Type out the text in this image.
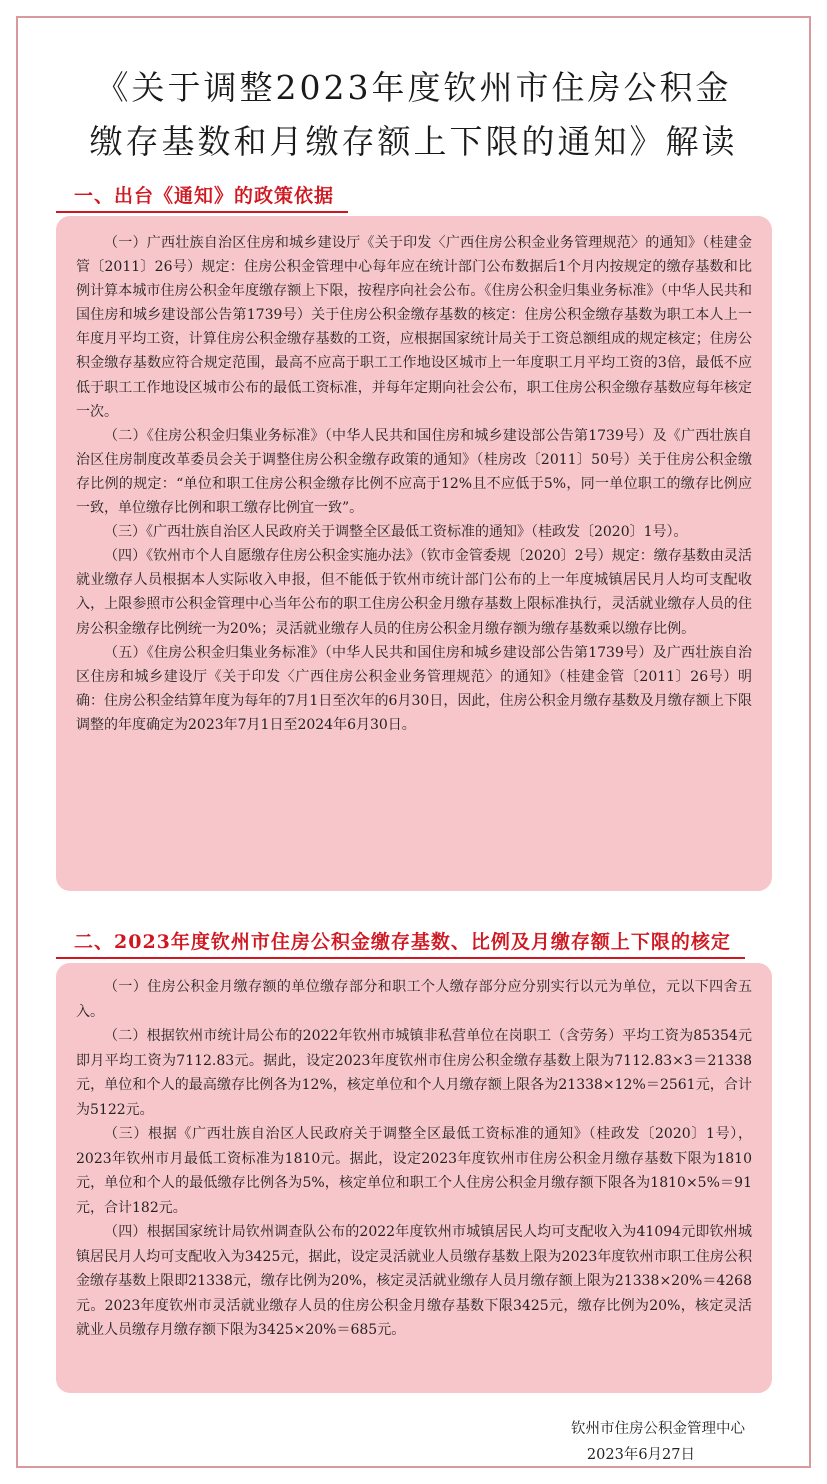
《关于调整2023年度钦州市住房公积金
缴存基数和月缴存额上下限的通知》解读
一、出台《通知》的政策依据

（一）广西壮族自治区住房和城乡建设厅《关于印发〈广西住房公积金业务管理规范〉的通知》（桂建金管〔2011〕26号）规定：住房公积金管理中心每年应在统计部门公布数据后1个月内按规定的缴存基数和比例计算本城市住房公积金年度缴存额上下限，按程序向社会公布。《住房公积金归集业务标准》（中华人民共和国住房和城乡建设部公告第1739号）关于住房公积金缴存基数的核定：住房公积金缴存基数为职工本人上一年度月平均工资，计算住房公积金缴存基数的工资，应根据国家统计局关于工资总额组成的规定核定；住房公积金缴存基数应符合规定范围，最高不应高于职工工作地设区城市上一年度职工月平均工资的3倍，最低不应低于职工工作地设区城市公布的最低工资标准，并每年定期向社会公布，职工住房公积金缴存基数应每年核定一次。

（二）《住房公积金归集业务标准》（中华人民共和国住房和城乡建设部公告第1739号）及《广西壮族自治区住房制度改革委员会关于调整住房公积金缴存政策的通知》（桂房改〔2011〕50号）关于住房公积金缴存比例的规定：“单位和职工住房公积金缴存比例不应高于12%且不应低于5%，同一单位职工的缴存比例应一致，单位缴存比例和职工缴存比例宜一致”。

（三）《广西壮族自治区人民政府关于调整全区最低工资标准的通知》（桂政发〔2020〕1号）。

（四）《钦州市个人自愿缴存住房公积金实施办法》（钦市金管委规〔2020〕2号）规定：缴存基数由灵活就业缴存人员根据本人实际收入申报，但不能低于钦州市统计部门公布的上一年度城镇居民月人均可支配收入，上限参照市公积金管理中心当年公布的职工住房公积金月缴存基数上限标准执行，灵活就业缴存人员的住房公积金缴存比例统一为20%；灵活就业缴存人员的住房公积金月缴存额为缴存基数乘以缴存比例。

（五）《住房公积金归集业务标准》（中华人民共和国住房和城乡建设部公告第1739号）及广西壮族自治区住房和城乡建设厅《关于印发〈广西住房公积金业务管理规范〉的通知》（桂建金管〔2011〕26号）明确：住房公积金结算年度为每年的7月1日至次年的6月30日，因此，住房公积金月缴存基数及月缴存额上下限调整的年度确定为2023年7月1日至2024年6月30日。

二、2023年度钦州市住房公积金缴存基数、比例及月缴存额上下限的核定

（一）住房公积金月缴存额的单位缴存部分和职工个人缴存部分应分别实行以元为单位，元以下四舍五入。

（二）根据钦州市统计局公布的2022年钦州市城镇非私营单位在岗职工（含劳务）平均工资为85354元即月平均工资为7112.83元。据此，设定2023年度钦州市住房公积金缴存基数上限为7112.83×3＝21338元，单位和个人的最高缴存比例各为12%，核定单位和个人月缴存额上限各为21338×12%＝2561元，合计为5122元。

（三）根据《广西壮族自治区人民政府关于调整全区最低工资标准的通知》（桂政发〔2020〕1号），2023年钦州市月最低工资标准为1810元。据此，设定2023年度钦州市住房公积金月缴存基数下限为1810元，单位和个人的最低缴存比例各为5%，核定单位和职工个人住房公积金月缴存额下限各为1810×5%＝91元，合计182元。

（四）根据国家统计局钦州调查队公布的2022年度钦州市城镇居民人均可支配收入为41094元即钦州城镇居民月人均可支配收入为3425元，据此，设定灵活就业人员缴存基数上限为2023年度钦州市职工住房公积金缴存基数上限即21338元，缴存比例为20%，核定灵活就业缴存人员月缴存额上限为21338×20%＝4268元。2023年度钦州市灵活就业缴存人员的住房公积金月缴存基数下限3425元，缴存比例为20%，核定灵活就业人员缴存月缴存额下限为3425×20%＝685元。

钦州市住房公积金管理中心
2023年6月27日
